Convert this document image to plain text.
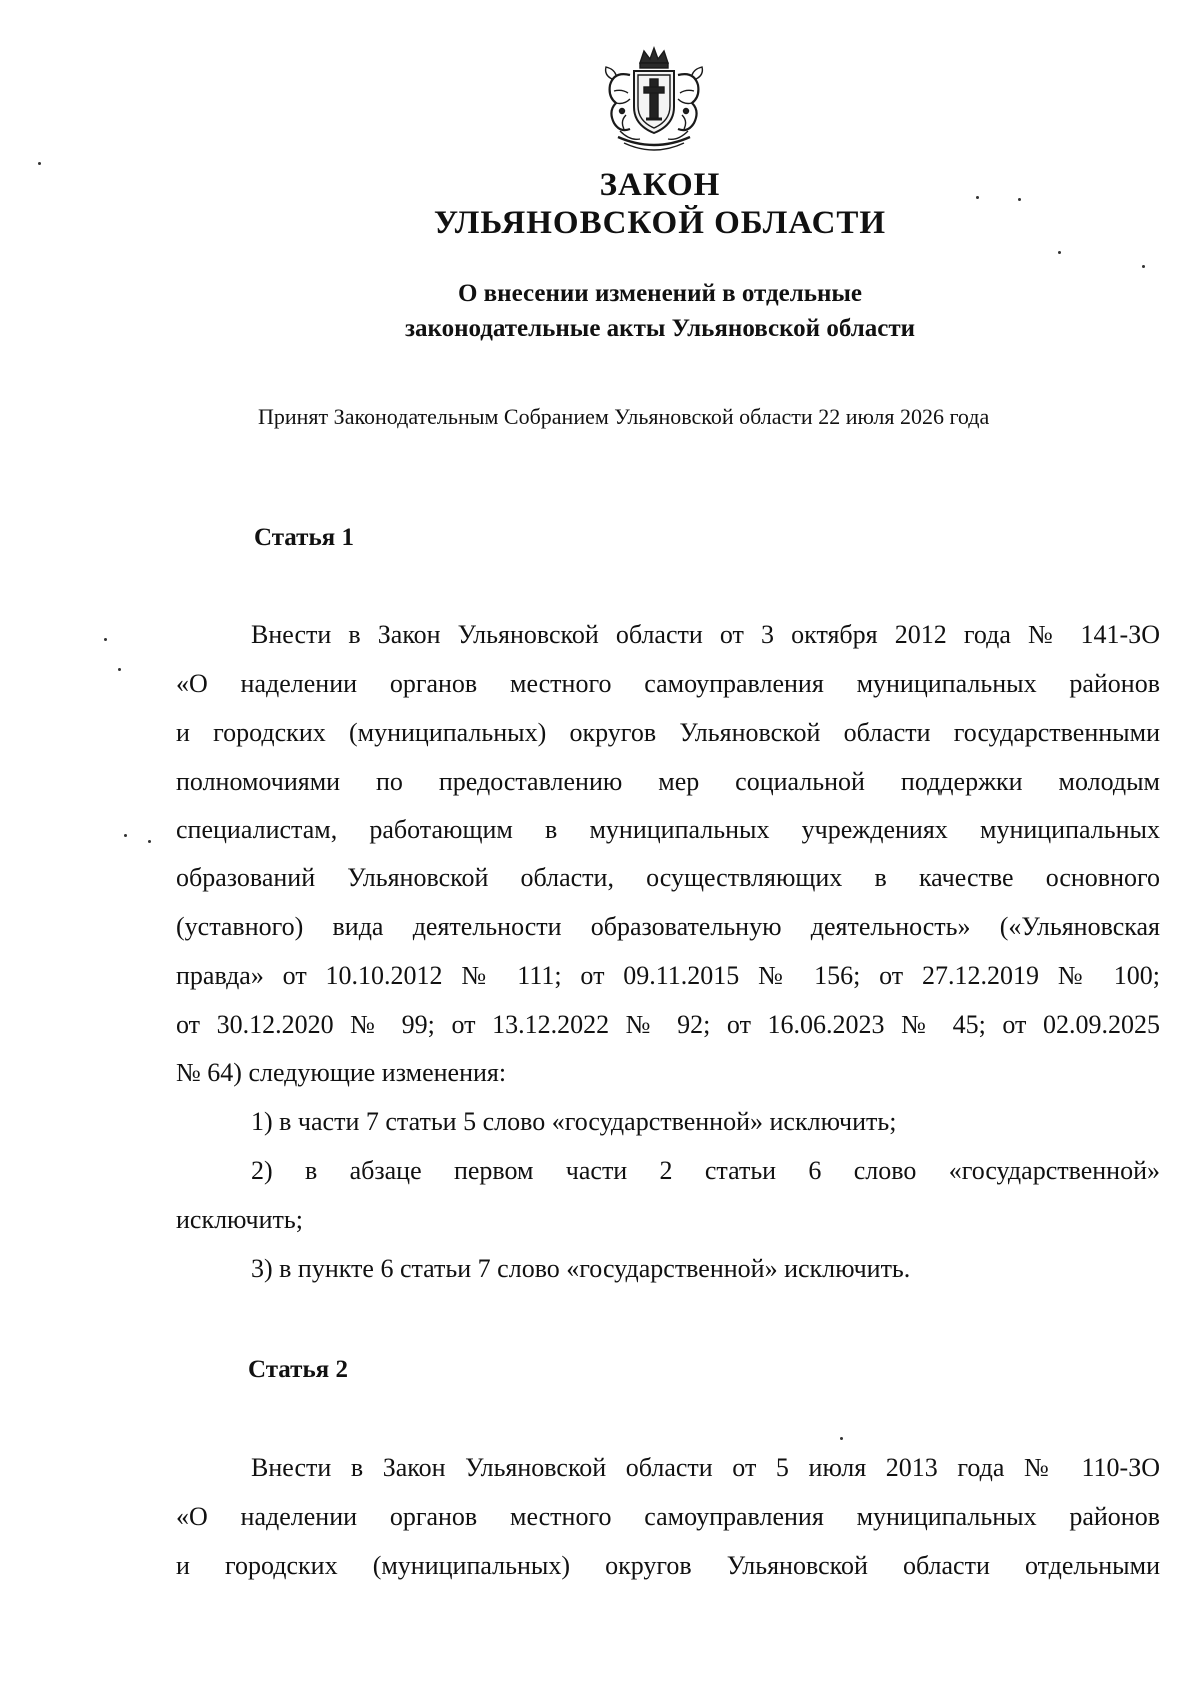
ЗАКОН
УЛЬЯНОВСКОЙ ОБЛАСТИ
О внесении изменений в отдельные
законодательные акты Ульяновской области
Принят Законодательным Собранием Ульяновской области 22 июля 2026 года
Статья 1
Внести в Закон Ульяновской области от 3 октября 2012 года № 141-ЗО
«О наделении органов местного самоуправления муниципальных районов
и городских (муниципальных) округов Ульяновской области государственными
полномочиями по предоставлению мер социальной поддержки молодым
специалистам, работающим в муниципальных учреждениях муниципальных
образований Ульяновской области, осуществляющих в качестве основного
(уставного) вида деятельности образовательную деятельность» («Ульяновская
правда» от 10.10.2012 № 111; от 09.11.2015 № 156; от 27.12.2019 № 100;
от 30.12.2020 № 99; от 13.12.2022 № 92; от 16.06.2023 № 45; от 02.09.2025
№ 64) следующие изменения:
1) в части 7 статьи 5 слово «государственной» исключить;
2) в абзаце первом части 2 статьи 6 слово «государственной»
исключить;
3) в пункте 6 статьи 7 слово «государственной» исключить.
Статья 2
Внести в Закон Ульяновской области от 5 июля 2013 года № 110-ЗО
«О наделении органов местного самоуправления муниципальных районов
и городских (муниципальных) округов Ульяновской области отдельными
